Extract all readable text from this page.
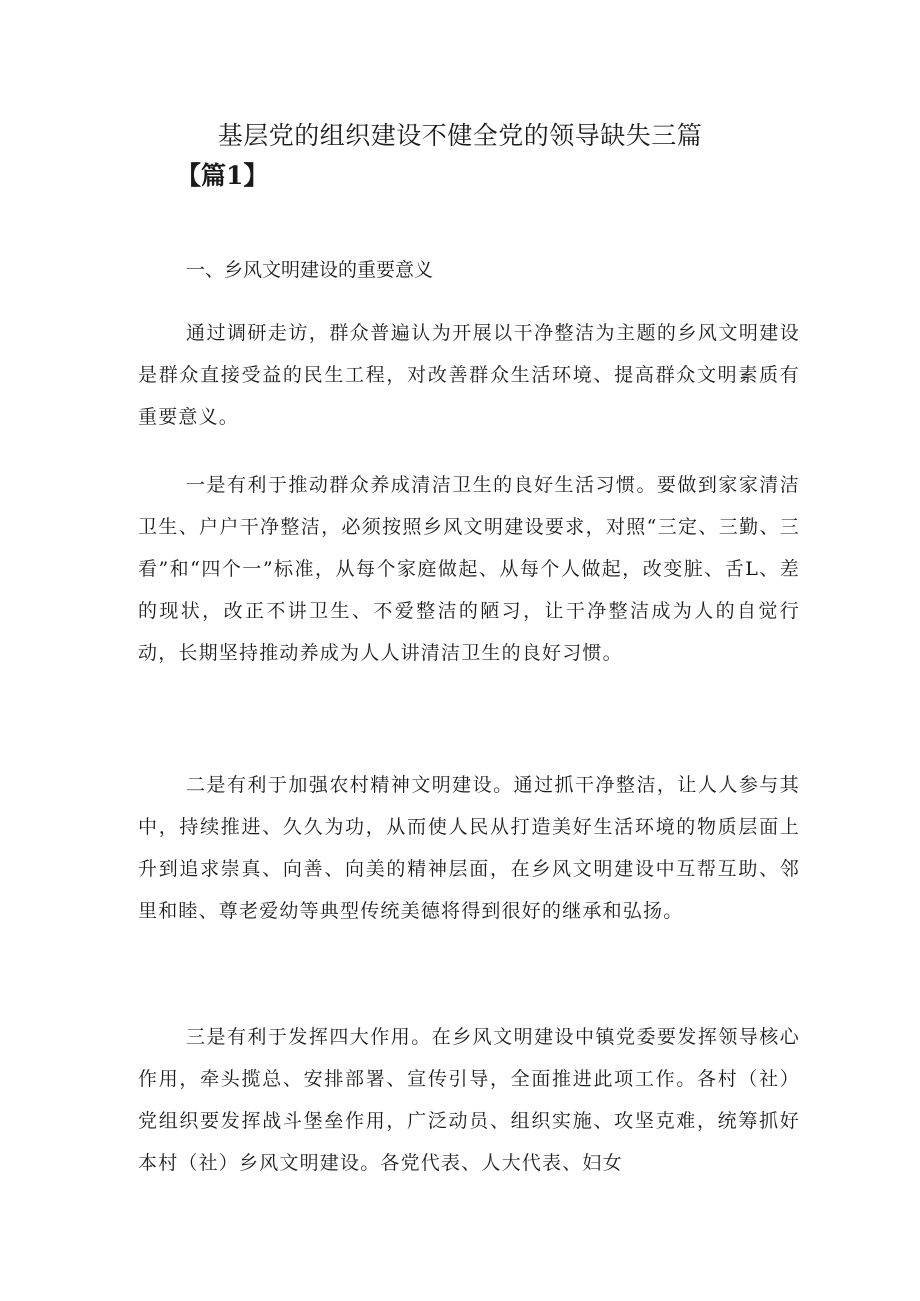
基层党的组织建设不健全党的领导缺失三篇
【篇1】
一、乡风文明建设的重要意义

通过调研走访，群众普遍认为开展以干净整洁为主题的乡风文明建设是群众直接受益的民生工程，对改善群众生活环境、提高群众文明素质有重要意义。

一是有利于推动群众养成清洁卫生的良好生活习惯。要做到家家清洁卫生、户户干净整洁，必须按照乡风文明建设要求，对照“三定、三勤、三看”和“四个一”标准，从每个家庭做起、从每个人做起，改变脏、舌L、差的现状，改正不讲卫生、不爱整洁的陋习，让干净整洁成为人的自觉行动，长期坚持推动养成为人人讲清洁卫生的良好习惯。

二是有利于加强农村精神文明建设。通过抓干净整洁，让人人参与其中，持续推进、久久为功，从而使人民从打造美好生活环境的物质层面上升到追求崇真、向善、向美的精神层面，在乡风文明建设中互帮互助、邻里和睦、尊老爱幼等典型传统美德将得到很好的继承和弘扬。

三是有利于发挥四大作用。在乡风文明建设中镇党委要发挥领导核心作用，牵头揽总、安排部署、宣传引导，全面推进此项工作。各村（社）党组织要发挥战斗堡垒作用，广泛动员、组织实施、攻坚克难，统筹抓好本村（社）乡风文明建设。各党代表、人大代表、妇女
